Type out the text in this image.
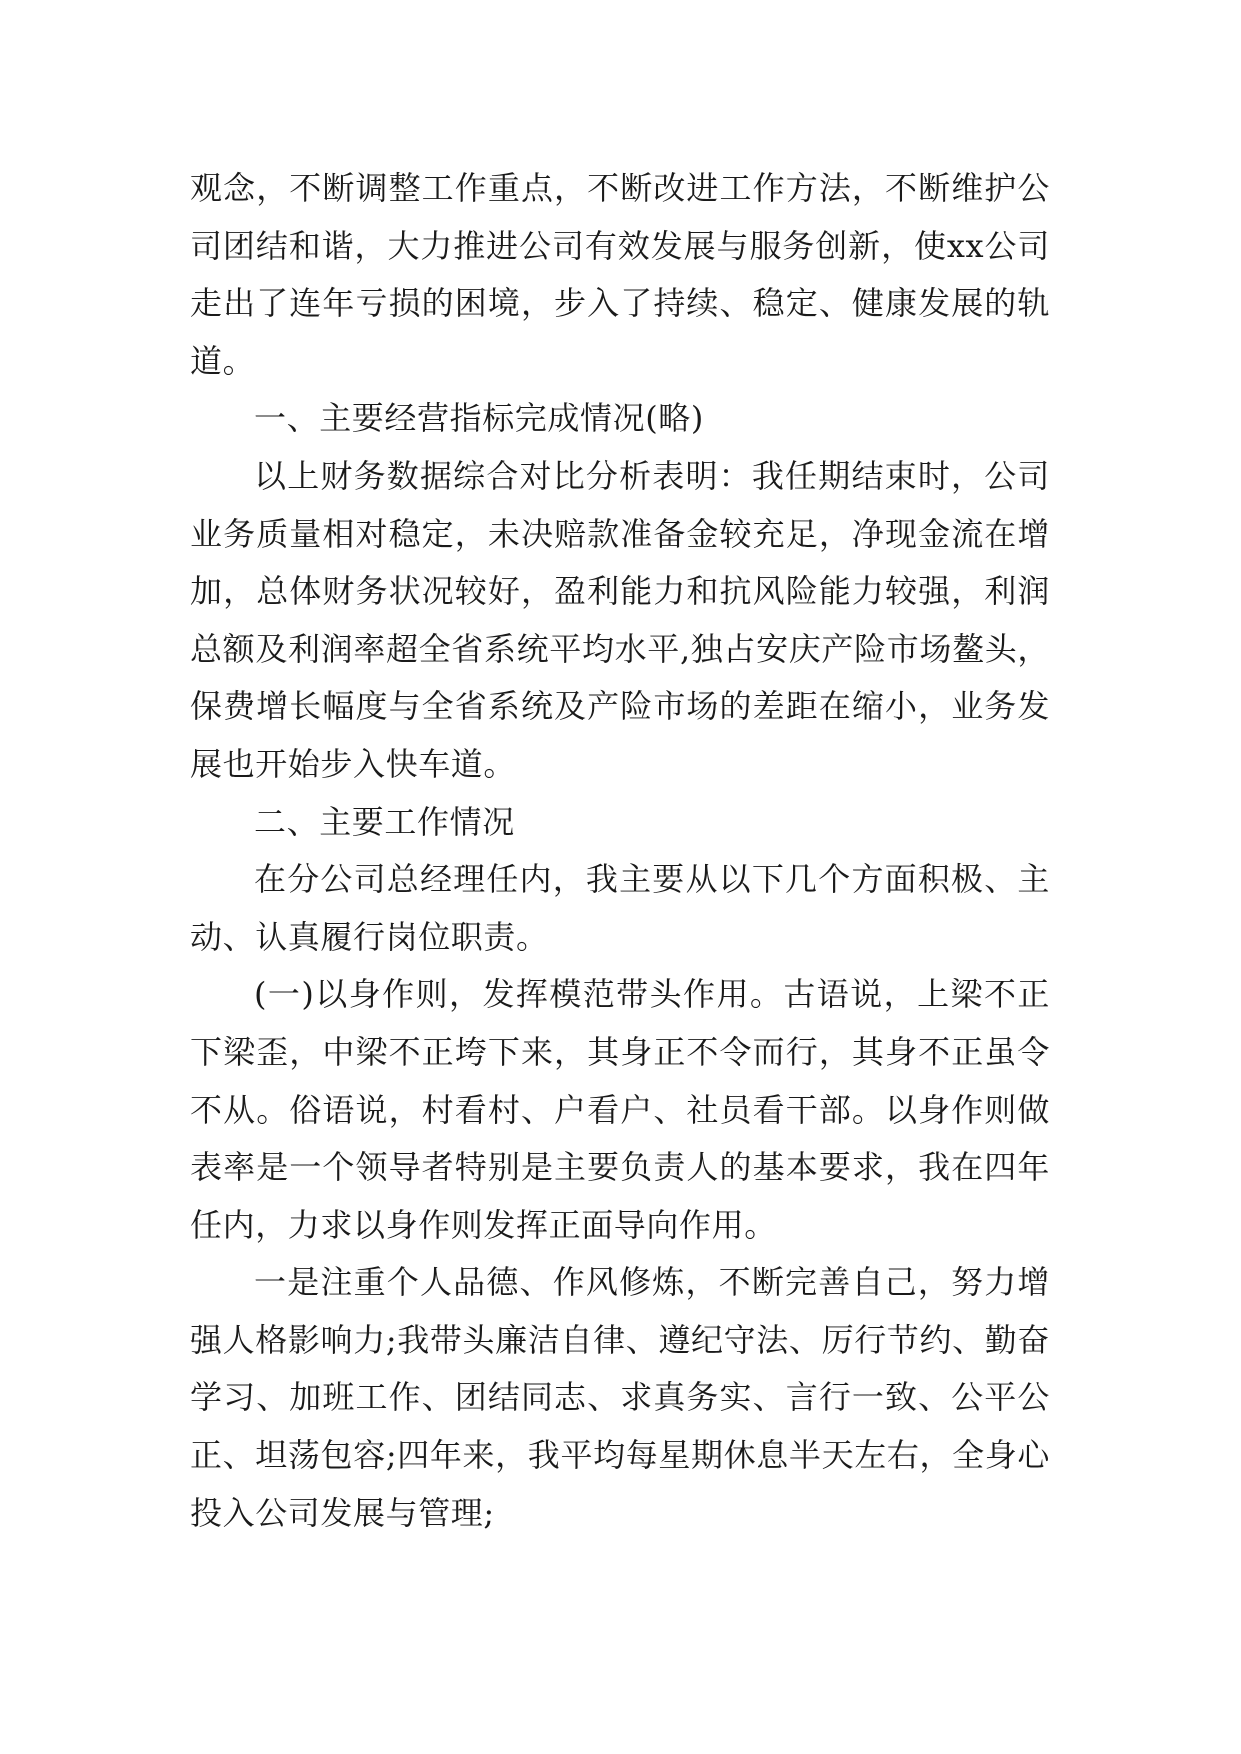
观念，不断调整工作重点，不断改进工作方法，不断维护公司团结和谐，大力推进公司有效发展与服务创新，使xx公司走出了连年亏损的困境，步入了持续、稳定、健康发展的轨道。

一、主要经营指标完成情况(略)

以上财务数据综合对比分析表明：我任期结束时，公司业务质量相对稳定，未决赔款准备金较充足，净现金流在增加，总体财务状况较好，盈利能力和抗风险能力较强，利润总额及利润率超全省系统平均水平,独占安庆产险市场鳌头，保费增长幅度与全省系统及产险市场的差距在缩小，业务发展也开始步入快车道。

二、主要工作情况

在分公司总经理任内，我主要从以下几个方面积极、主动、认真履行岗位职责。

(一)以身作则，发挥模范带头作用。古语说，上梁不正下梁歪，中梁不正垮下来，其身正不令而行，其身不正虽令不从。俗语说，村看村、户看户、社员看干部。以身作则做表率是一个领导者特别是主要负责人的基本要求，我在四年任内，力求以身作则发挥正面导向作用。

一是注重个人品德、作风修炼，不断完善自己，努力增强人格影响力;我带头廉洁自律、遵纪守法、厉行节约、勤奋学习、加班工作、团结同志、求真务实、言行一致、公平公正、坦荡包容;四年来，我平均每星期休息半天左右，全身心投入公司发展与管理;
